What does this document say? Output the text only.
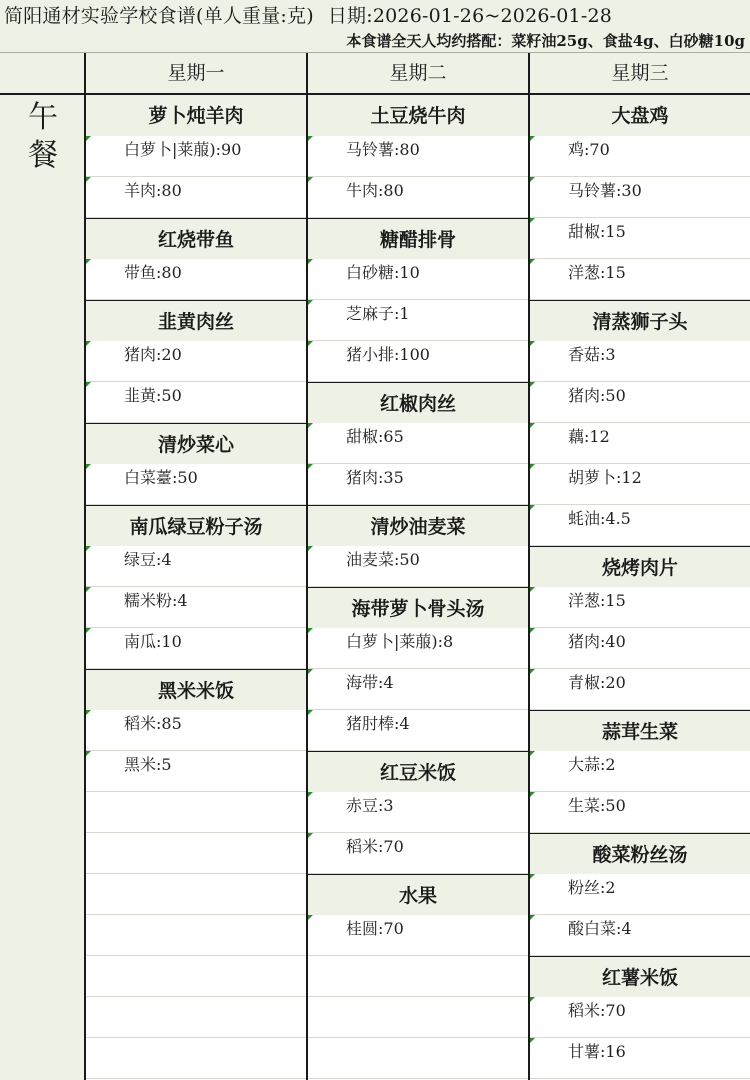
简阳通材实验学校食谱(单人重量:克) 日期:2026-01-26~2026-01-28
本食谱全天人均约搭配：菜籽油25g、食盐4g、白砂糖10g
午餐
星期一
萝卜炖羊肉
白萝卜|莱菔):90
羊肉:80
红烧带鱼
带鱼:80
韭黄肉丝
猪肉:20
韭黄:50
清炒菜心
白菜薹:50
南瓜绿豆粉子汤
绿豆:4
糯米粉:4
南瓜:10
黑米米饭
稻米:85
黑米:5
星期二
土豆烧牛肉
马铃薯:80
牛肉:80
糖醋排骨
白砂糖:10
芝麻子:1
猪小排:100
红椒肉丝
甜椒:65
猪肉:35
清炒油麦菜
油麦菜:50
海带萝卜骨头汤
白萝卜|莱菔):8
海带:4
猪肘棒:4
红豆米饭
赤豆:3
稻米:70
水果
桂圆:70
星期三
大盘鸡
鸡:70
马铃薯:30
甜椒:15
洋葱:15
清蒸狮子头
香菇:3
猪肉:50
藕:12
胡萝卜:12
蚝油:4.5
烧烤肉片
洋葱:15
猪肉:40
青椒:20
蒜茸生菜
大蒜:2
生菜:50
酸菜粉丝汤
粉丝:2
酸白菜:4
红薯米饭
稻米:70
甘薯:16
